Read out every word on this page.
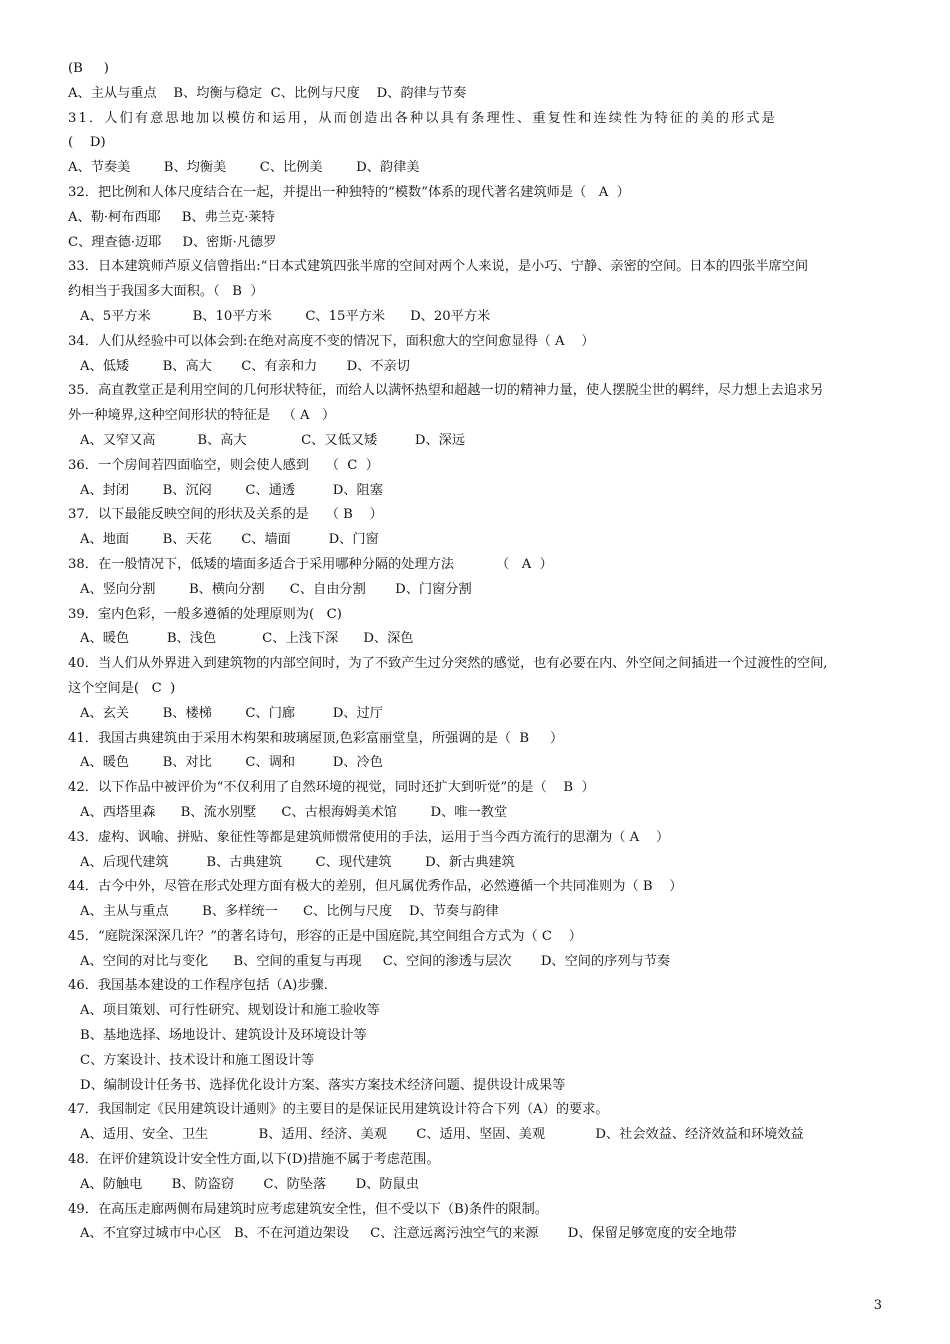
(B     )
A、主从与重点    B、均衡与稳定  C、比例与尺度    D、韵律与节奏
31．人们有意思地加以模仿和运用，从而创造出各种以具有条理性、重复性和连续性为特征的美的形式是
(    D)
A、节奏美        B、均衡美        C、比例美        D、韵律美
32．把比例和人体尺度结合在一起，并提出一种独特的“模数”体系的现代著名建筑师是（   A  ）
A、勒·柯布西耶     B、弗兰克·莱特
C、理查德·迈耶     D、密斯·凡德罗
33．日本建筑师芦原义信曾指出:“日本式建筑四张半席的空间对两个人来说，是小巧、宁静、亲密的空间。日本的四张半席空间
约相当于我国多大面积。（   B  ）
A、5平方米          B、10平方米        C、15平方米      D、20平方米
34．人们从经验中可以体会到:在绝对高度不变的情况下，面积愈大的空间愈显得（ A    ）
A、低矮        B、高大       C、有亲和力       D、不亲切
35．高直教堂正是利用空间的几何形状特征，而给人以满怀热望和超越一切的精神力量，使人摆脱尘世的羁绊，尽力想上去追求另
外一种境界,这种空间形状的特征是   （ A   ）
A、又窄又高          B、高大             C、又低又矮         D、深远
36．一个房间若四面临空，则会使人感到    （  C  ）
A、封闭        B、沉闷        C、通透         D、阻塞
37．以下最能反映空间的形状及关系的是    （ B    ）
A、地面        B、天花       C、墙面         D、门窗
38．在一般情况下，低矮的墙面多适合于采用哪种分隔的处理方法          （   A  ）
A、竖向分割        B、横向分割      C、自由分割       D、门窗分割
39．室内色彩，一般多遵循的处理原则为(   C)
A、暖色         B、浅色           C、上浅下深      D、深色
40．当人们从外界进入到建筑物的内部空间时，为了不致产生过分突然的感觉，也有必要在内、外空间之间插进一个过渡性的空间,
这个空间是(   C  )
A、玄关        B、楼梯        C、门廊         D、过厅
41．我国古典建筑由于采用木构架和玻璃屋顶,色彩富丽堂皇，所强调的是（  B     ）
A、暖色        B、对比        C、调和         D、冷色
42．以下作品中被评价为“不仅利用了自然环境的视觉，同时还扩大到听觉”的是（    B  ）
A、西塔里森      B、流水别墅      C、古根海姆美术馆        D、唯一教堂
43．虚构、讽喻、拼贴、象征性等都是建筑师惯常使用的手法，运用于当今西方流行的思潮为（ A    ）
A、后现代建筑         B、古典建筑        C、现代建筑        D、新古典建筑
44．古今中外，尽管在形式处理方面有极大的差别，但凡属优秀作品，必然遵循一个共同准则为（ B    ）
A、主从与重点        B、多样统一      C、比例与尺度    D、节奏与韵律
45．“庭院深深深几许？”的著名诗句，形容的正是中国庭院,其空间组合方式为（ C    ）
A、空间的对比与变化      B、空间的重复与再现     C、空间的渗透与层次       D、空间的序列与节奏
46．我国基本建设的工作程序包括（A)步骤.
A、项目策划、可行性研究、规划设计和施工验收等
B、基地选择、场地设计、建筑设计及环境设计等
C、方案设计、技术设计和施工图设计等
D、编制设计任务书、选择优化设计方案、落实方案技术经济问题、提供设计成果等
47．我国制定《民用建筑设计通则》的主要目的是保证民用建筑设计符合下列（A）的要求。
A、适用、安全、卫生            B、适用、经济、美观       C、适用、坚固、美观            D、社会效益、经济效益和环境效益
48．在评价建筑设计安全性方面,以下(D)措施不属于考虑范围。
A、防触电       B、防盗窃       C、防坠落       D、防鼠虫
49．在高压走廊两侧布局建筑时应考虑建筑安全性，但不受以下（B)条件的限制。
A、不宜穿过城市中心区   B、不在河道边架设     C、注意远离污浊空气的来源       D、保留足够宽度的安全地带
3
